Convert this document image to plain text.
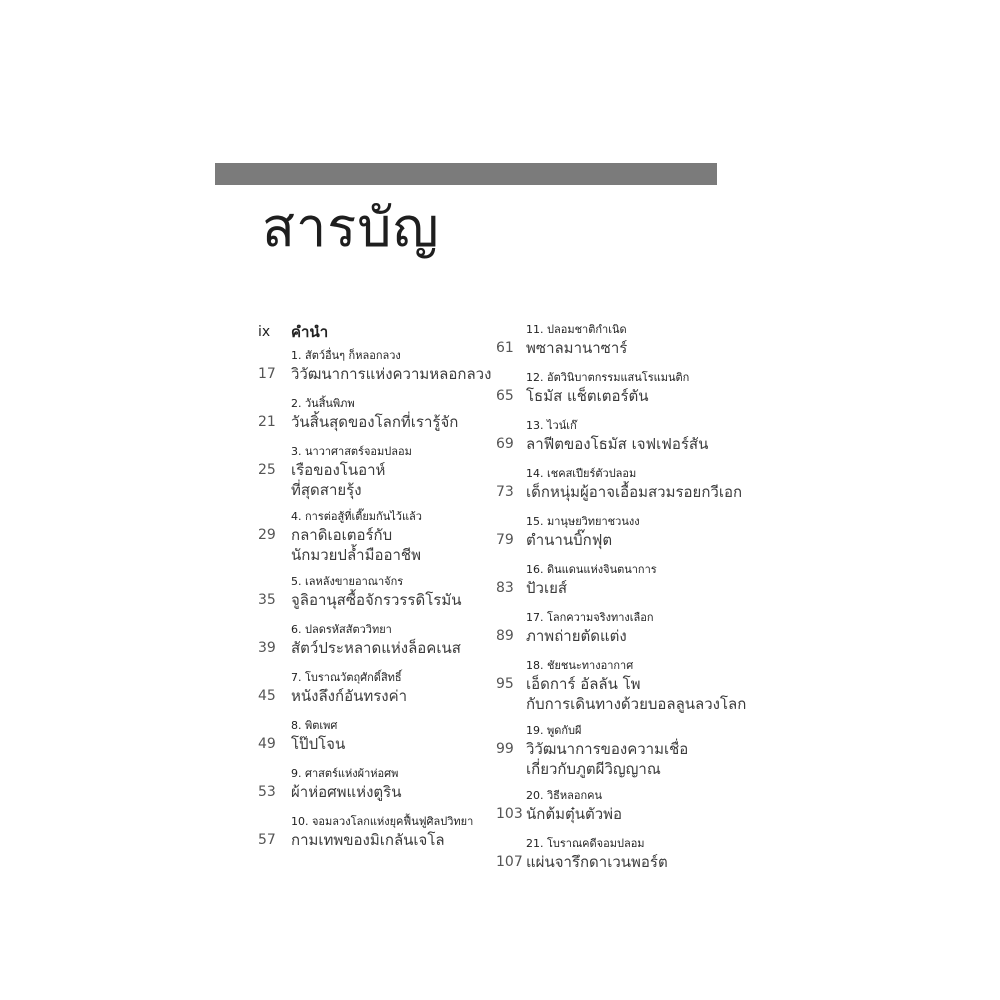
สารบัญ
ix	คำนำ
1. สัตว์อื่นๆ ก็หลอกลวง
17	วิวัฒนาการแห่งความหลอกลวง
2. วันสิ้นพิภพ
21	วันสิ้นสุดของโลกที่เรารู้จัก
3. นาวาศาสตร์จอมปลอม
25	เรือของโนอาห์
ที่สุดสายรุ้ง
4. การต่อสู้ที่เตี๊ยมกันไว้แล้ว
29	กลาดิเอเตอร์กับ
นักมวยปล้ำมืออาชีพ
5. เลหลังขายอาณาจักร
35	จูลิอานุสซื้อจักรวรรดิโรมัน
6. ปลดรหัสสัตววิทยา
39	สัตว์ประหลาดแห่งล็อคเนส
7. โบราณวัตถุศักดิ์สิทธิ์
45	หนังลึงก์อันทรงค่า
8. พิตเพศ
49	โป๊ปโจน
9. ศาสตร์แห่งผ้าห่อศพ
53	ผ้าห่อศพแห่งตูริน
10. จอมลวงโลกแห่งยุคฟื้นฟูศิลปวิทยา
57	กามเทพของมิเกลันเจโล
11. ปลอมชาติกำเนิด
61 พซาลมานาซาร์
12. อัตวินิบาตกรรมแสนโรแมนติก
65 โธมัส แช็ตเตอร์ตัน
13. ไวน์เก๊
69 ลาฟีตของโธมัส เจฟเฟอร์สัน
14. เชคสเปียร์ตัวปลอม
73 เด็กหนุ่มผู้อาจเอื้อมสวมรอยกวีเอก
15. มานุษยวิทยาชวนงง
79 ตำนานบิ๊กฟุต
16. ดินแดนแห่งจินตนาการ
83 ปัวเยส์
17. โลกความจริงทางเลือก
89 ภาพถ่ายตัดแต่ง
18. ชัยชนะทางอากาศ
95 เอ็ดการ์ อัลลัน โพ
กับการเดินทางด้วยบอลลูนลวงโลก
19. พูดกับผี
99 วิวัฒนาการของความเชื่อ
เกี่ยวกับภูตผีวิญญาณ
20. วิธีหลอกคน
103 นักต้มตุ๋นตัวพ่อ
21. โบราณคดีจอมปลอม
107 แผ่นจารึกดาเวนพอร์ต
